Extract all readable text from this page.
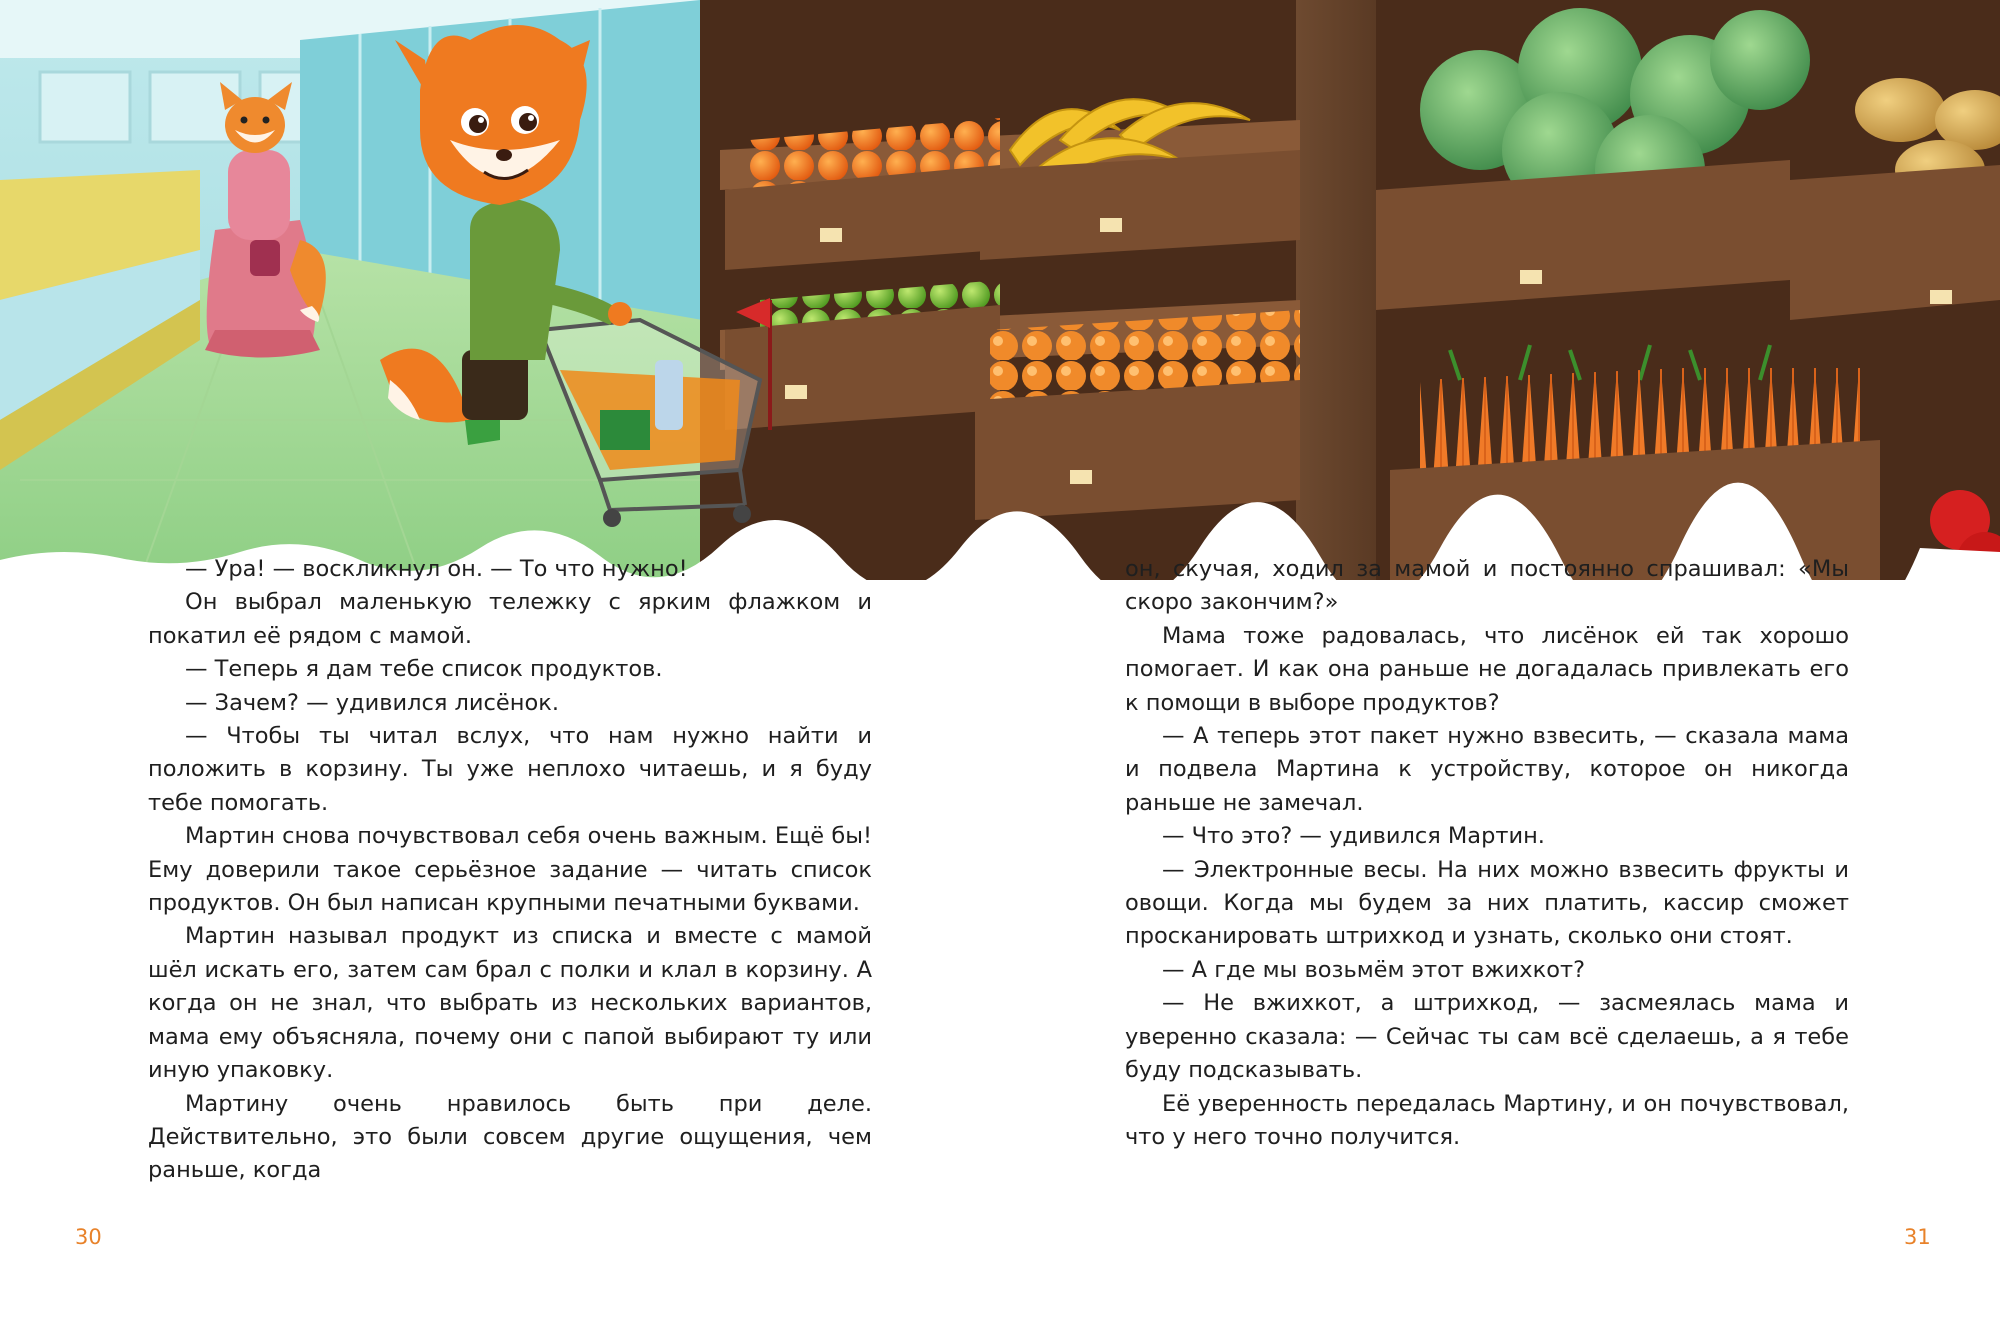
— Ура! — воскликнул он. — То что нужно!

Он выбрал маленькую тележку с ярким флажком и покатил её рядом с мамой.

— Теперь я дам тебе список продуктов.

— Зачем? — удивился лисёнок.

— Чтобы ты читал вслух, что нам нужно найти и положить в корзину. Ты уже неплохо читаешь, и я буду тебе помогать.

Мартин снова почувствовал себя очень важным. Ещё бы! Ему доверили такое серьёзное задание — читать список продуктов. Он был написан крупными печатными буквами.

Мартин называл продукт из списка и вместе с мамой шёл искать его, затем сам брал с полки и клал в корзину. А когда он не знал, что выбрать из нескольких вариантов, мама ему объясняла, почему они с папой выбирают ту или иную упаковку.

Мартину очень нравилось быть при деле. Действительно, это были совсем другие ощущения, чем раньше, когда

он, скучая, ходил за мамой и постоянно спрашивал: «Мы скоро закончим?»

Мама тоже радовалась, что лисёнок ей так хорошо помогает. И как она раньше не догадалась привлекать его к помощи в выборе продуктов?

— А теперь этот пакет нужно взвесить, — сказала мама и подвела Мартина к устройству, которое он никогда раньше не замечал.

— Что это? — удивился Мартин.

— Электронные весы. На них можно взвесить фрукты и овощи. Когда мы будем за них платить, кассир сможет просканировать штрихкод и узнать, сколько они стоят.

— А где мы возьмём этот вжихкот?

— Не вжихкот, а штрихкод, — засмеялась мама и уверенно сказала: — Сейчас ты сам всё сделаешь, а я тебе буду подсказывать.

Её уверенность передалась Мартину, и он почувствовал, что у него точно получится.

30	31
